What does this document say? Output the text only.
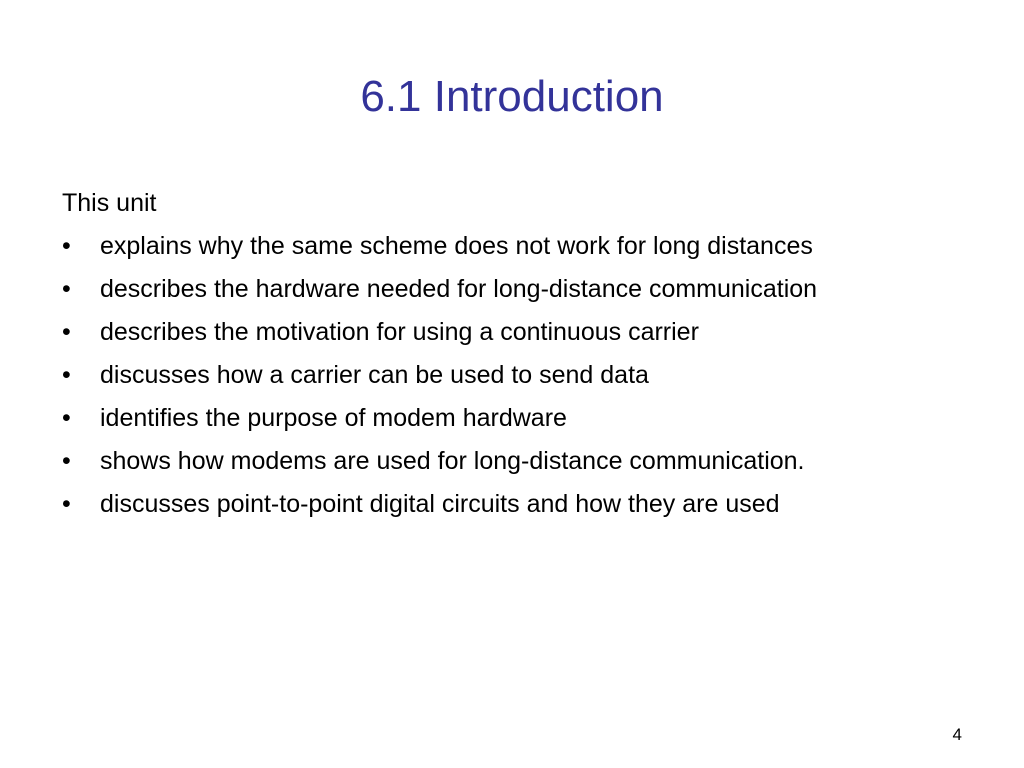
6.1 Introduction

This unit

•	explains why the same scheme does not work for long distances
•	describes the hardware needed for long-distance communication
•	describes the motivation for using a continuous carrier
•	discusses how a carrier can be used to send data
•	identifies the purpose of modem hardware
•	shows how modems are used for long-distance communication.
•	discusses point-to-point digital circuits and how they are used
4
